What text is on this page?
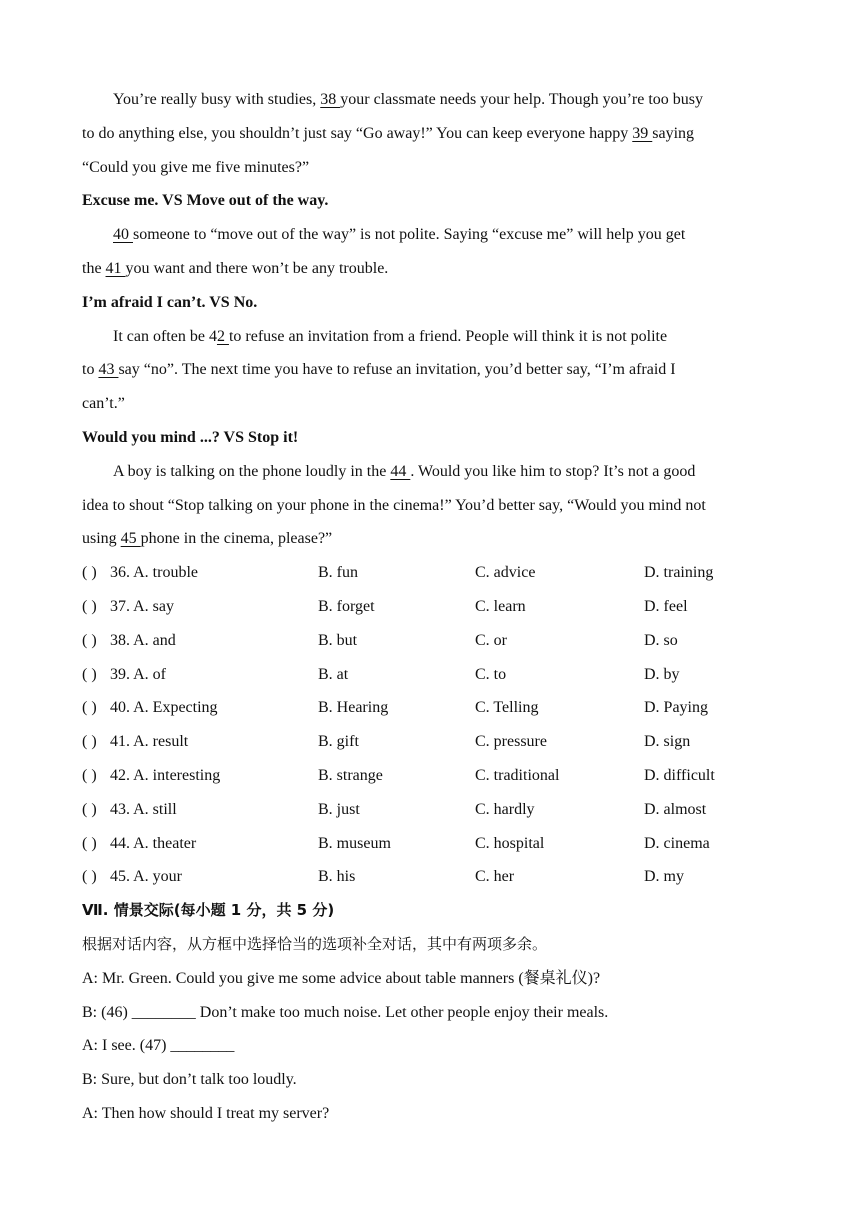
You’re really busy with studies, 38 your classmate needs your help. Though you’re too busy
to do anything else, you shouldn’t just say “Go away!” You can keep everyone happy 39 saying
“Could you give me five minutes?”
Excuse me. VS Move out of the way.
40 someone to “move out of the way” is not polite. Saying “excuse me” will help you get
the 41 you want and there won’t be any trouble.
I’m afraid I can’t. VS No.
It can often be 42 to refuse an invitation from a friend. People will think it is not polite
to 43 say “no”. The next time you have to refuse an invitation, you’d better say, “I’m afraid I
can’t.”
Would you mind ...? VS Stop it!
A boy is talking on the phone loudly in the 44 . Would you like him to stop? It’s not a good
idea to shout “Stop talking on your phone in the cinema!” You’d better say, “Would you mind not
using 45 phone in the cinema, please?”
( ) 36. A. trouble	B. fun	C. advice	D. training
( ) 37. A. say	B. forget	C. learn	D. feel
( ) 38. A. and	B. but	C. or	D. so
( ) 39. A. of	B. at	C. to	D. by
( ) 40. A. Expecting	B. Hearing	C. Telling	D. Paying
( ) 41. A. result	B. gift	C. pressure	D. sign
( ) 42. A. interesting	B. strange	C. traditional	D. difficult
( ) 43. A. still	B. just	C. hardly	D. almost
( ) 44. A. theater	B. museum	C. hospital	D. cinema
( ) 45. A. your	B. his	C. her	D. my
Ⅶ. 情景交际(每小题 1 分，共 5 分)
根据对话内容，从方框中选择恰当的选项补全对话，其中有两项多余。
A: Mr. Green. Could you give me some advice about table manners (餐桌礼仪)?
B: (46) ________ Don’t make too much noise. Let other people enjoy their meals.
A: I see. (47) ________
B: Sure, but don’t talk too loudly.
A: Then how should I treat my server?
